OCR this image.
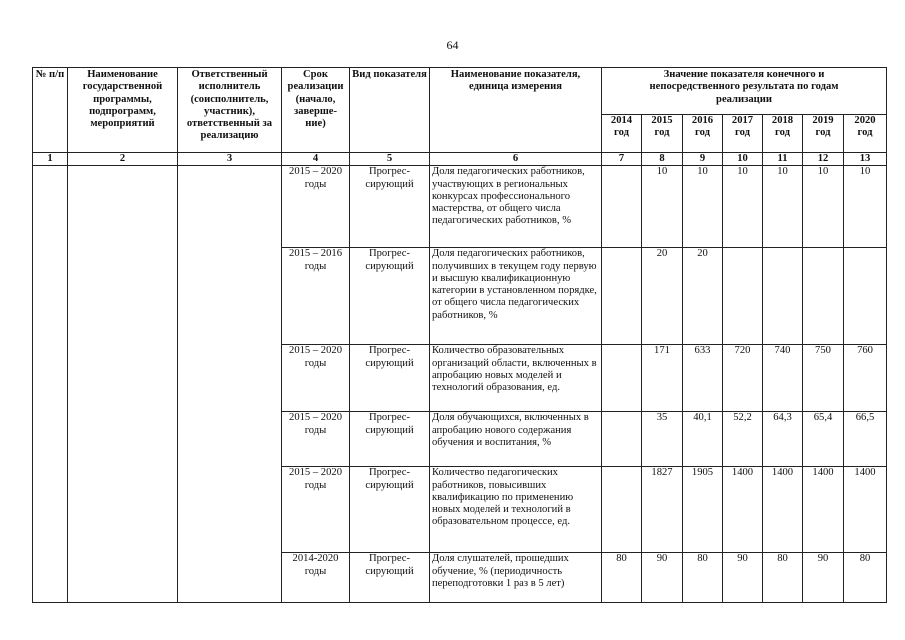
64
№ п/п	Наименование государственной программы, подпрограмм, мероприятий	Ответственный исполнитель (соисполнитель, участник), ответственный за реализацию	Срок реализации (начало, заверше-ние)	Вид показателя	Наименование показателя, единица измерения	Значение показателя конечного и непосредственного результата по годам реализации						
						2014 год	2015 год	2016 год	2017 год	2018 год	2019 год	2020 год
1	2	3	4	5	6	7	8	9	10	11	12	13
			2015 – 2020 годы	Прогрес-сирующий	Доля педагогических работников, участвующих в региональных конкурсах профессионального мастерства, от общего числа педагогических работников, %		10	10	10	10	10	10
			2015 – 2016 годы	Прогрес-сирующий	Доля педагогических работников, получивших в текущем году первую и высшую квалификационную категории в установленном порядке, от общего числа педагогических работников, %		20	20				
			2015 – 2020 годы	Прогрес-сирующий	Количество образовательных организаций области, включенных в апробацию новых моделей и технологий образования, ед.		171	633	720	740	750	760
			2015 – 2020 годы	Прогрес-сирующий	Доля обучающихся, включенных в апробацию нового содержания обучения и воспитания, %		35	40,1	52,2	64,3	65,4	66,5
			2015 – 2020 годы	Прогрес-сирующий	Количество педагогических работников, повысивших квалификацию по применению новых моделей и технологий в образовательном процессе, ед.		1827	1905	1400	1400	1400	1400
			2014-2020 годы	Прогрес-сирующий	Доля слушателей, прошедших обучение, % (периодичность переподготовки 1 раз в 5 лет)	80	90	80	90	80	90	80
